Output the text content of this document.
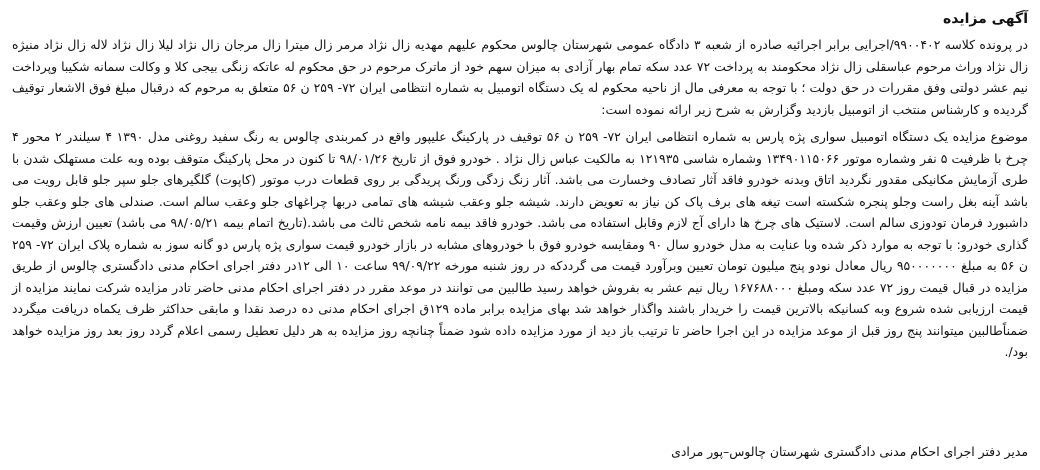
آگهی مزایده

در پرونده کلاسه ۹۹۰۰۴۰۲/اجرایی برابر اجرائیه صادره از شعبه ۳ دادگاه عمومی شهرستان چالوس محکوم علیهم مهدیه زال نژاد مرمر زال میترا زال مرجان زال نژاد لیلا زال نژاد لاله زال نژاد منیژه زال نژاد وراث مرحوم عباسقلی زال نژاد محکومند به پرداخت ۷۲ عدد سکه تمام بهار آزادی به میزان سهم خود از ماترک مرحوم در حق محکوم له عاتکه زنگی بیجی کلا و وکالت سمانه شکیبا وپرداخت نیم عشر دولتی وفق مقررات در حق دولت ؛ با توجه به معرفی مال از ناحیه محکوم له یک دستگاه اتومبیل به شماره انتظامی ایران ۷۲- ۲۵۹ ن ۵۶ متعلق به مرحوم که درقبال مبلغ فوق الاشعار توقیف گردیده و کارشناس منتخب از اتومبیل بازدید وگزارش به شرح زیر ارائه نموده است:

موضوع مزایده یک دستگاه اتومبیل سواری پژه پارس به شماره انتظامی ایران ۷۲- ۲۵۹ ن ۵۶ توقیف در پارکینگ علیپور واقع در کمربندی چالوس به رنگ سفید روغنی مدل ۱۳۹۰ ۴ سیلندر ۲ محور ۴ چرخ با ظرفیت ۵ نفر وشماره موتور ۱۳۴۹۰۱۱۵۰۶۶ وشماره شاسی ۱۲۱۹۳۵ به مالکیت عباس زال نژاد . خودرو فوق از تاریخ ۹۸/۰۱/۲۶ تا کنون در محل پارکینگ متوقف بوده وبه علت مستهلک شدن با طری آزمایش مکانیکی مقدور نگردید اتاق وبدنه خودرو فاقد آثار تصادف وخسارت می باشد. آثار زنگ زدگی ورنگ پریدگی بر روی قطعات درب موتور (کاپوت) گلگیرهای جلو سپر جلو قابل رویت می باشد آینه بغل راست وجلو پنجره شکسته است تیغه های برف پاک کن نیاز به تعویض دارند. شیشه جلو وعقب شیشه های تمامی دربها چراغهای جلو وعقب سالم است. صندلی های جلو وعقب جلو داشبورد فرمان تودوزی سالم است. لاستیک های چرخ ها دارای آج لازم وقابل استفاده می باشد. خودرو فاقد بیمه نامه شخص ثالث می باشد.(تاریخ اتمام بیمه ۹۸/۰۵/۲۱ می باشد) تعیین ارزش وقیمت گذاری خودرو: با توجه به موارد ذکر شده وبا عنایت به مدل خودرو سال ۹۰ ومقایسه خودرو فوق با خودروهای مشابه در بازار خودرو قیمت سواری پژه پارس دو گانه سوز به شماره پلاک ایران ۷۲- ۲۵۹ ن ۵۶ به مبلغ ۹۵۰۰۰۰۰۰۰ ریال معادل نودو پنج میلیون تومان تعیین وبرآورد قیمت می گرددکه در روز شنبه مورخه ۹۹/۰۹/۲۲ ساعت ۱۰ الی ۱۲در دفتر اجرای احکام مدنی دادگستری چالوس از طریق مزایده در قبال قیمت روز ۷۲ عدد سکه ومبلغ ۱۶۷۶۸۸۰۰۰ ریال نیم عشر به بفروش خواهد رسید طالبین می توانند در موعد مقرر در دفتر اجرای احکام مدنی حاضر تادر مزایده شرکت نمایند مزایده از قیمت ارزیابی شده شروع وبه کسانیکه بالاترین قیمت را خریدار باشند واگذار خواهد شد بهای مزایده برابر ماده ۱۲۹ق اجرای احکام مدنی ده درصد نقدا و مابقی حداکثر ظرف یکماه دریافت میگردد ضمناًطالبین میتوانند پنج روز قبل از موعد مزایده در این اجرا حاضر تا ترتیب باز دید از مورد مزایده داده شود ضمناً چنانچه روز مزایده به هر دلیل تعطیل رسمی اعلام گردد روز بعد روز مزایده خواهد بود/.

مدیر دفتر اجرای احکام مدنی دادگستری شهرستان چالوس–پور مرادی
